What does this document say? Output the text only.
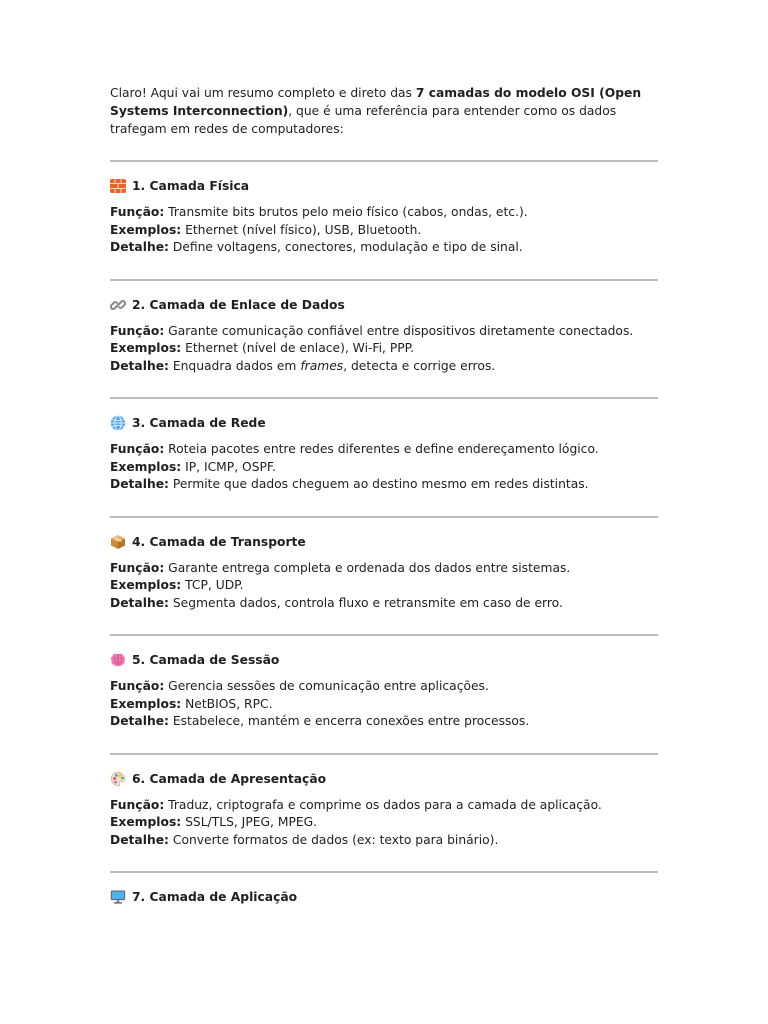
Claro! Aqui vai um resumo completo e direto das 7 camadas do modelo OSI (Open Systems Interconnection), que é uma referência para entender como os dados trafegam em redes de computadores:

1. Camada Física

Função: Transmite bits brutos pelo meio físico (cabos, ondas, etc.).

Exemplos: Ethernet (nível físico), USB, Bluetooth.

Detalhe: Define voltagens, conectores, modulação e tipo de sinal.

2. Camada de Enlace de Dados

Função: Garante comunicação confiável entre dispositivos diretamente conectados.

Exemplos: Ethernet (nível de enlace), Wi-Fi, PPP.

Detalhe: Enquadra dados em frames, detecta e corrige erros.

3. Camada de Rede

Função: Roteia pacotes entre redes diferentes e define endereçamento lógico.

Exemplos: IP, ICMP, OSPF.

Detalhe: Permite que dados cheguem ao destino mesmo em redes distintas.

4. Camada de Transporte

Função: Garante entrega completa e ordenada dos dados entre sistemas.

Exemplos: TCP, UDP.

Detalhe: Segmenta dados, controla fluxo e retransmite em caso de erro.

5. Camada de Sessão

Função: Gerencia sessões de comunicação entre aplicações.

Exemplos: NetBIOS, RPC.

Detalhe: Estabelece, mantém e encerra conexões entre processos.

6. Camada de Apresentação

Função: Traduz, criptografa e comprime os dados para a camada de aplicação.

Exemplos: SSL/TLS, JPEG, MPEG.

Detalhe: Converte formatos de dados (ex: texto para binário).

7. Camada de Aplicação
